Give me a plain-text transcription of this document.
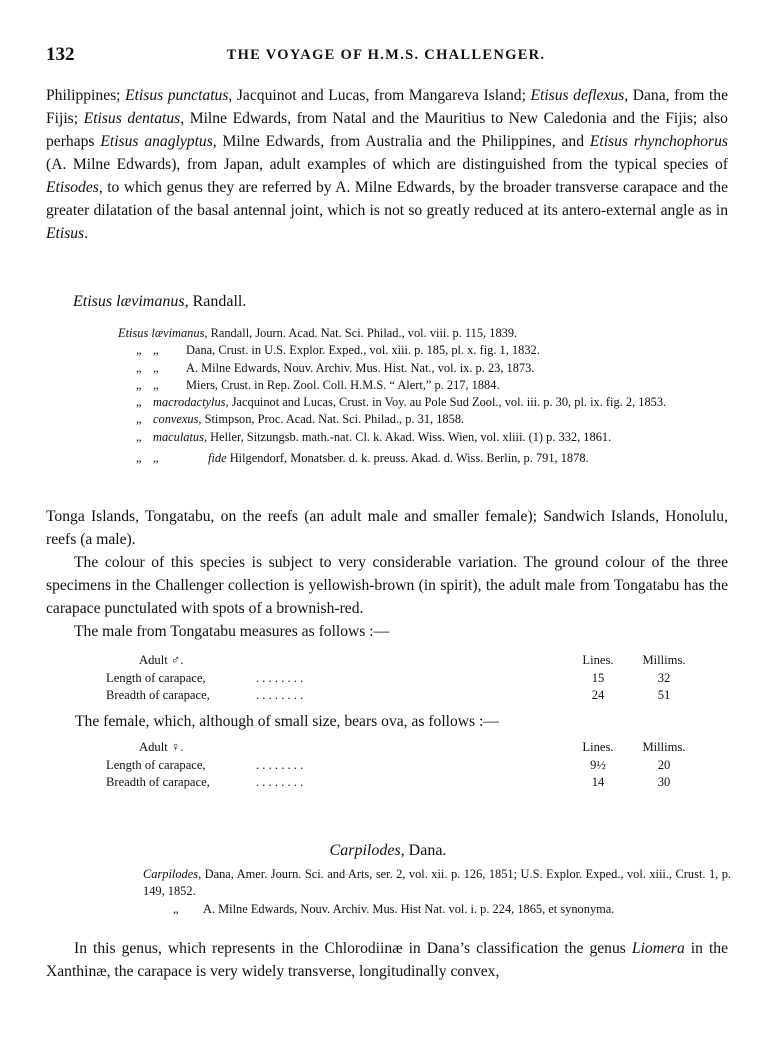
132	THE VOYAGE OF H.M.S. CHALLENGER.
Philippines; Etisus punctatus, Jacquinot and Lucas, from Mangareva Island; Etisus deflexus, Dana, from the Fijis; Etisus dentatus, Milne Edwards, from Natal and the Mauritius to New Caledonia and the Fijis; also perhaps Etisus anaglyptus, Milne Edwards, from Australia and the Philippines, and Etisus rhynchophorus (A. Milne Edwards), from Japan, adult examples of which are distinguished from the typical species of Etisodes, to which genus they are referred by A. Milne Edwards, by the broader transverse carapace and the greater dilatation of the basal antennal joint, which is not so greatly reduced at its antero-external angle as in Etisus.
Etisus lævimanus, Randall.
Etisus lævimanus, Randall, Journ. Acad. Nat. Sci. Philad., vol. viii. p. 115, 1839.
„ „	Dana, Crust. in U.S. Explor. Exped., vol. xiii. p. 185, pl. x. fig. 1, 1832.
„ „	A. Milne Edwards, Nouv. Archiv. Mus. Hist. Nat., vol. ix. p. 23, 1873.
„ „	Miers, Crust. in Rep. Zool. Coll. H.M.S. “ Alert,” p. 217, 1884.
„ macrodactylus, Jacquinot and Lucas, Crust. in Voy. au Pole Sud Zool., vol. iii. p. 30, pl. ix. fig. 2, 1853.
„ convexus, Stimpson, Proc. Acad. Nat. Sci. Philad., p. 31, 1858.
„ maculatus, Heller, Sitzungsb. math.-nat. Cl. k. Akad. Wiss. Wien, vol. xliii. (1) p. 332, 1861.
„ „	fide Hilgendorf, Monatsber. d. k. preuss. Akad. d. Wiss. Berlin, p. 791, 1878.

Tonga Islands, Tongatabu, on the reefs (an adult male and smaller female); Sandwich Islands, Honolulu, reefs (a male).

The colour of this species is subject to very considerable variation. The ground colour of the three specimens in the Challenger collection is yellowish-brown (in spirit), the adult male from Tongatabu has the carapace punctulated with spots of a brownish-red.

The male from Tongatabu measures as follows :—

Adult ♂.	Lines.	Millims.
Length of carapace,	. . . . . . . .	15	32
Breadth of carapace,	. . . . . . . .	24	51
The female, which, although of small size, bears ova, as follows :—
Adult ♀.	Lines.	Millims.
Length of carapace,	. . . . . . . .	9½	20
Breadth of carapace,	. . . . . . . .	14	30
Carpilodes, Dana.
Carpilodes, Dana, Amer. Journ. Sci. and Arts, ser. 2, vol. xii. p. 126, 1851; U.S. Explor. Exped., vol. xiii., Crust. 1, p. 149, 1852.
„	A. Milne Edwards, Nouv. Archiv. Mus. Hist Nat. vol. i. p. 224, 1865, et synonyma.
In this genus, which represents in the Chlorodiinæ in Dana’s classification the genus Liomera in the Xanthinæ, the carapace is very widely transverse, longitudinally convex,
